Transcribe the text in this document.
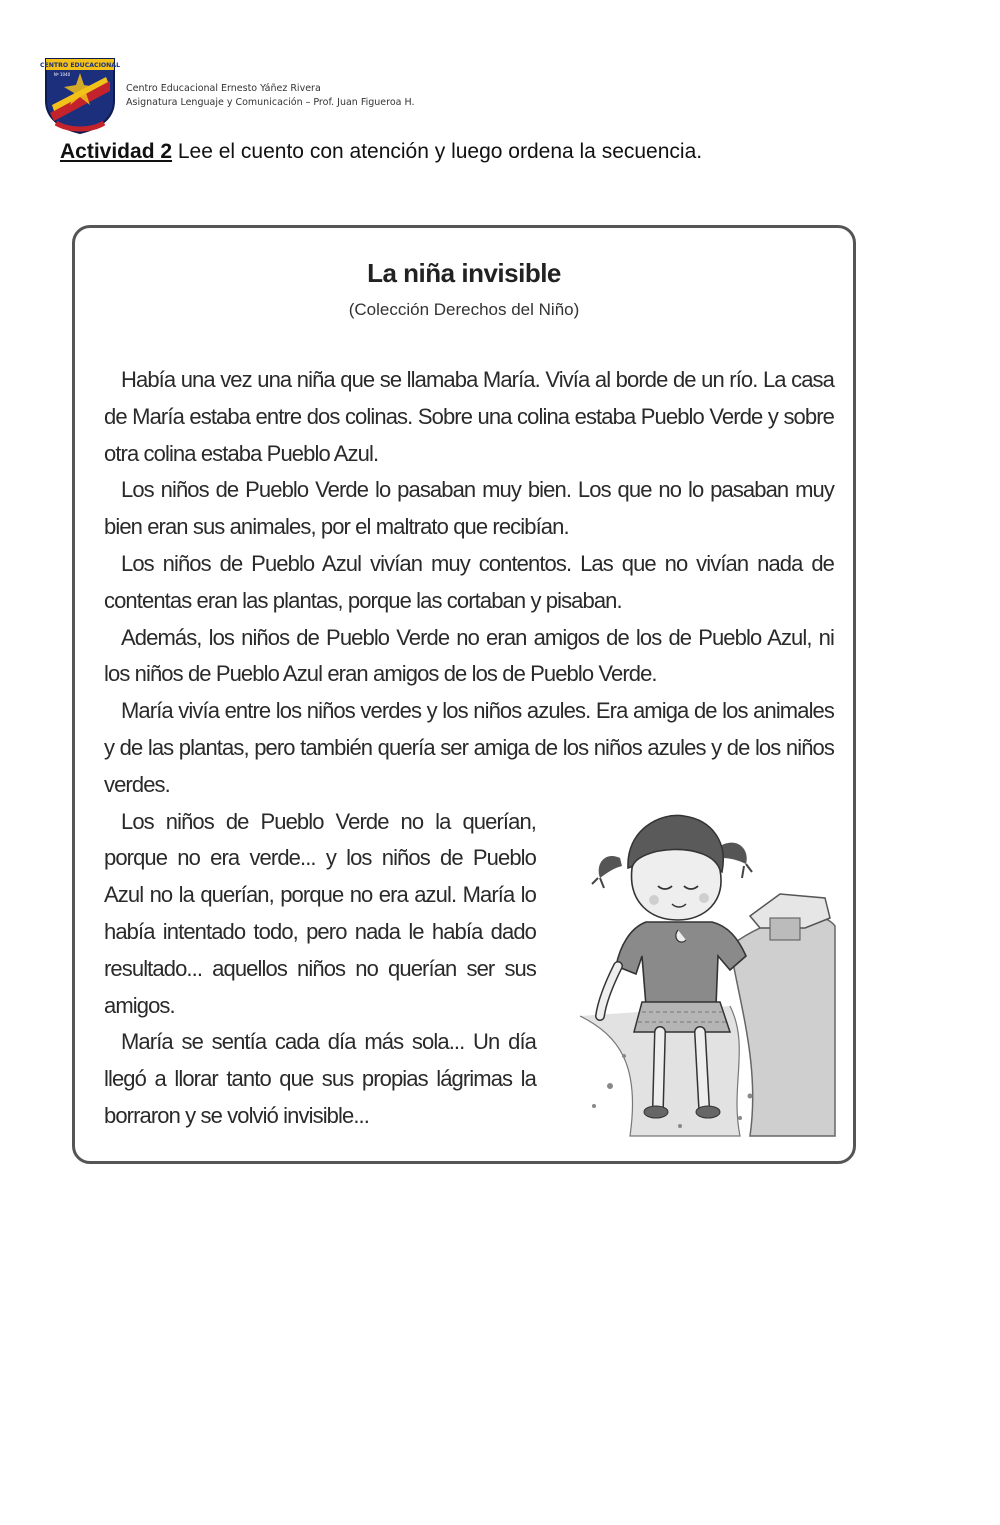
CENTRO EDUCACIONAL
Nº 1040
Centro Educacional Ernesto Yáñez Rivera
Asignatura Lenguaje y Comunicación – Prof. Juan Figueroa H.
Actividad 2 Lee el cuento con atención y luego ordena la secuencia.
La niña invisible
(Colección Derechos del Niño)

Había una vez una niña que se llamaba María. Vivía al borde de un río. La casa de María estaba entre dos colinas. Sobre una colina estaba Pueblo Verde y sobre otra colina estaba Pueblo Azul.

Los niños de Pueblo Verde lo pasaban muy bien. Los que no lo pasaban muy bien eran sus animales, por el maltrato que recibían.

Los niños de Pueblo Azul vivían muy contentos. Las que no vivían nada de contentas eran las plantas, porque las cortaban y pisaban.

Además, los niños de Pueblo Verde no eran amigos de los de Pueblo Azul, ni los niños de Pueblo Azul eran amigos de los de Pueblo Verde.

María vivía entre los niños verdes y los niños azules. Era amiga de los animales y de las plantas, pero también quería ser amiga de los niños azules y de los niños verdes.

Los niños de Pueblo Verde no la querían, porque no era verde... y los niños de Pueblo Azul no la querían, porque no era azul. María lo había intentado todo, pero nada le había dado resultado... aquellos niños no querían ser sus amigos.

María se sentía cada día más sola... Un día llegó a llorar tanto que sus propias lágrimas la borraron y se volvió invisible...
